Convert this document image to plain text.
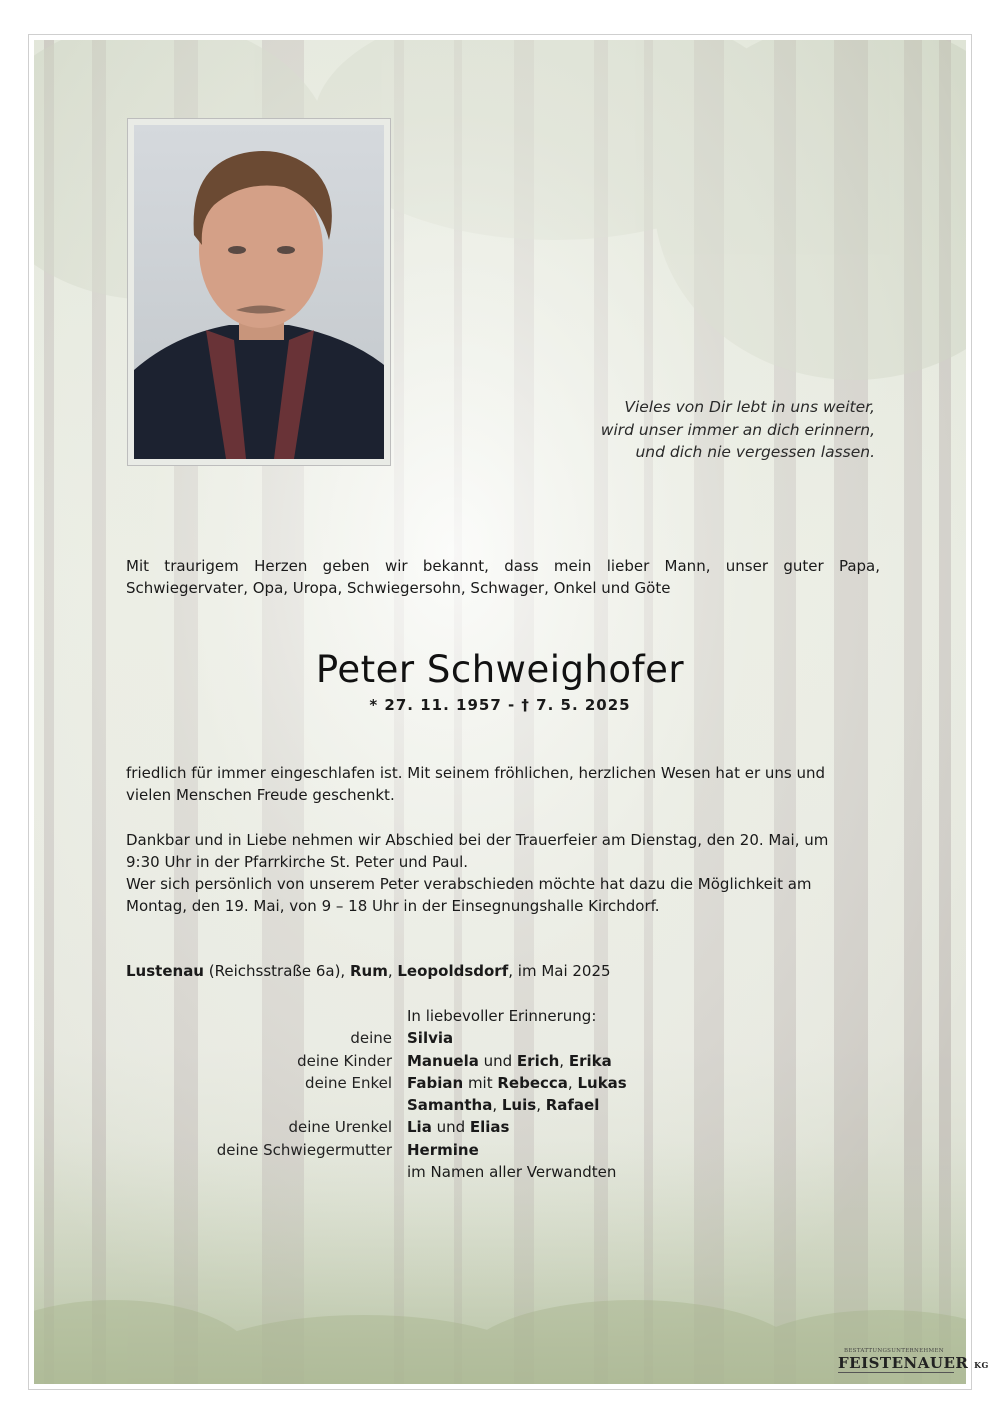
Vieles von Dir lebt in uns weiter,
wird unser immer an dich erinnern,
und dich nie vergessen lassen.
Mit traurigem Herzen geben wir bekannt, dass mein lieber Mann, unser guter Papa, Schwiegervater, Opa, Uropa, Schwiegersohn, Schwager, Onkel und Göte
Peter Schweighofer
* 27. 11. 1957 - † 7. 5. 2025
friedlich für immer eingeschlafen ist. Mit seinem fröhlichen, herzlichen Wesen hat er uns und
vielen Menschen Freude geschenkt.
Dankbar und in Liebe nehmen wir Abschied bei der Trauerfeier am Dienstag, den 20. Mai, um
9:30 Uhr in der Pfarrkirche St. Peter und Paul.
Wer sich persönlich von unserem Peter verabschieden möchte hat dazu die Möglichkeit am
Montag, den 19. Mai, von 9 – 18 Uhr in der Einsegnungshalle Kirchdorf.
Lustenau (Reichsstraße 6a), Rum, Leopoldsdorf, im Mai 2025
In liebevoller Erinnerung:
deine Silvia
deine Kinder Manuela und Erich, Erika
deine Enkel Fabian mit Rebecca, Lukas
Samantha, Luis, Rafael
deine Urenkel Lia und Elias
deine Schwiegermutter Hermine
im Namen aller Verwandten
BESTATTUNGSUNTERNEHMEN
FEISTENAUER KG
